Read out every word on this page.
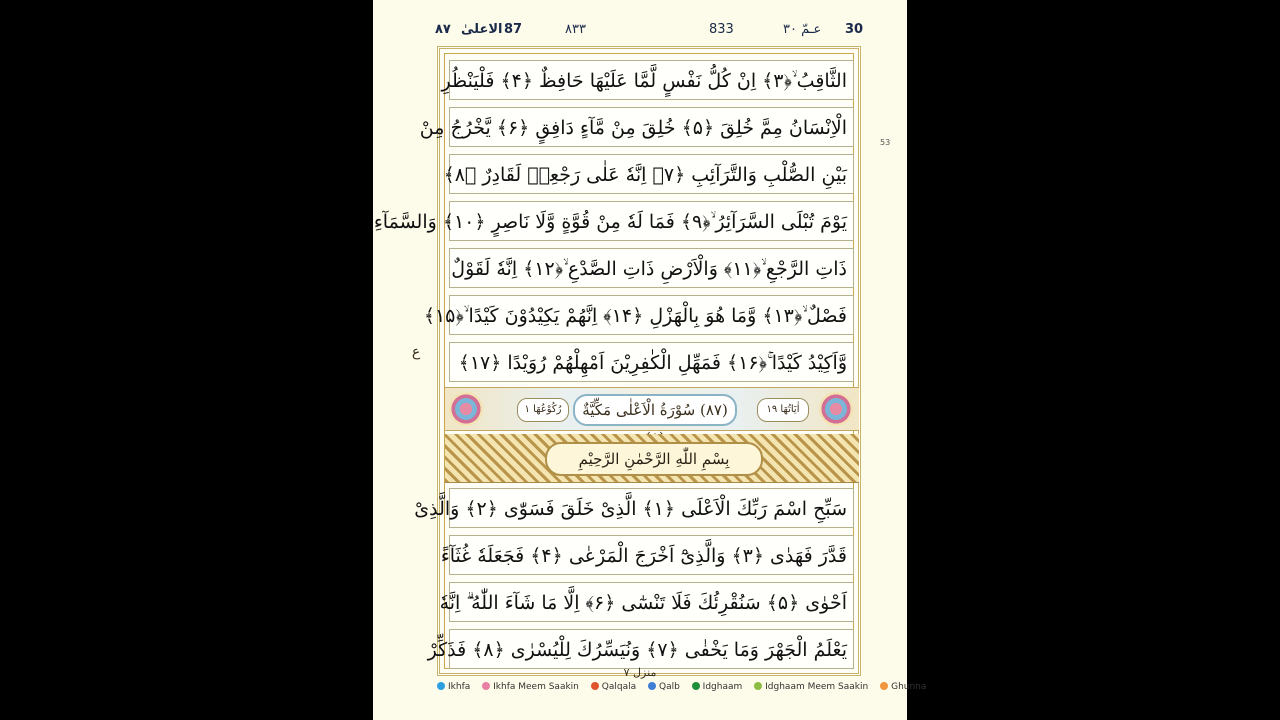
٨٧ الاعلىٰ 87	٨٣٣	833	عـمّ ٣٠ 30
الثَّاقِبُ ۙ﴿۳﴾ اِنْ كُلُّ نَفْسٍ لَّمَّا عَلَيْهَا حَافِظٌ ﴿۴﴾ فَلْيَنْظُرِ
الْاِنْسَانُ مِمَّ خُلِقَ ﴿۵﴾ خُلِقَ مِنْ مَّآءٍ دَافِقٍ ﴿۶﴾ يَّخْرُجُ مِنْ
بَيْنِ الصُّلْبِ وَالتَّرَآئِبِ ﴿۷﴾ اِنَّهٗ عَلٰى رَجْعِهٖ لَقَادِرٌ ﴿۸﴾
يَوْمَ تُبْلَى السَّرَآئِرُ ۙ﴿۹﴾ فَمَا لَهٗ مِنْ قُوَّةٍ وَّلَا نَاصِرٍ ﴿۱۰﴾ وَالسَّمَآءِ
ذَاتِ الرَّجْعِ ۙ﴿۱۱﴾ وَالْاَرْضِ ذَاتِ الصَّدْعِ ۙ﴿۱۲﴾ اِنَّهٗ لَقَوْلٌ
فَصْلٌ ۙ﴿۱۳﴾ وَّمَا هُوَ بِالْهَزْلِ ﴿۱۴﴾ اِنَّهُمْ يَكِيْدُوْنَ كَيْدًا ۙ﴿۱۵﴾
وَّاَكِيْدُ كَيْدًا ۚ﴿۱۶﴾ فَمَهِّلِ الْكٰفِرِيْنَ اَمْهِلْهُمْ رُوَيْدًا ﴿۱۷﴾
رُكُوْعُهَا ۱	(۸۷) سُوْرَةُ الْاَعْلٰى مَكِّيَّةٌ	اٰيَاتُهَا ۱۹
بِسْمِ اللّٰهِ الرَّحْمٰنِ الرَّحِيْمِ
سَبِّحِ اسْمَ رَبِّكَ الْاَعْلَى ﴿۱﴾ الَّذِىْ خَلَقَ فَسَوّٰى ﴿۲﴾ وَالَّذِىْ
قَدَّرَ فَهَدٰى ﴿۳﴾ وَالَّذِىْٓ اَخْرَجَ الْمَرْعٰى ﴿۴﴾ فَجَعَلَهٗ غُثَآءً
اَحْوٰى ﴿۵﴾ سَنُقْرِئُكَ فَلَا تَنْسٰٓى ﴿۶﴾ اِلَّا مَا شَآءَ اللّٰهُ ۗ اِنَّهٗ
يَعْلَمُ الْجَهْرَ وَمَا يَخْفٰى ﴿۷﴾ وَنُيَسِّرُكَ لِلْيُسْرٰى ﴿۸﴾ فَذَكِّرْ
ع
منزل ۷
Ikhfa	Ikhfa Meem Saakin	Qalqala	Qalb	Idghaam	Idghaam Meem Saakin	Ghunna
53
